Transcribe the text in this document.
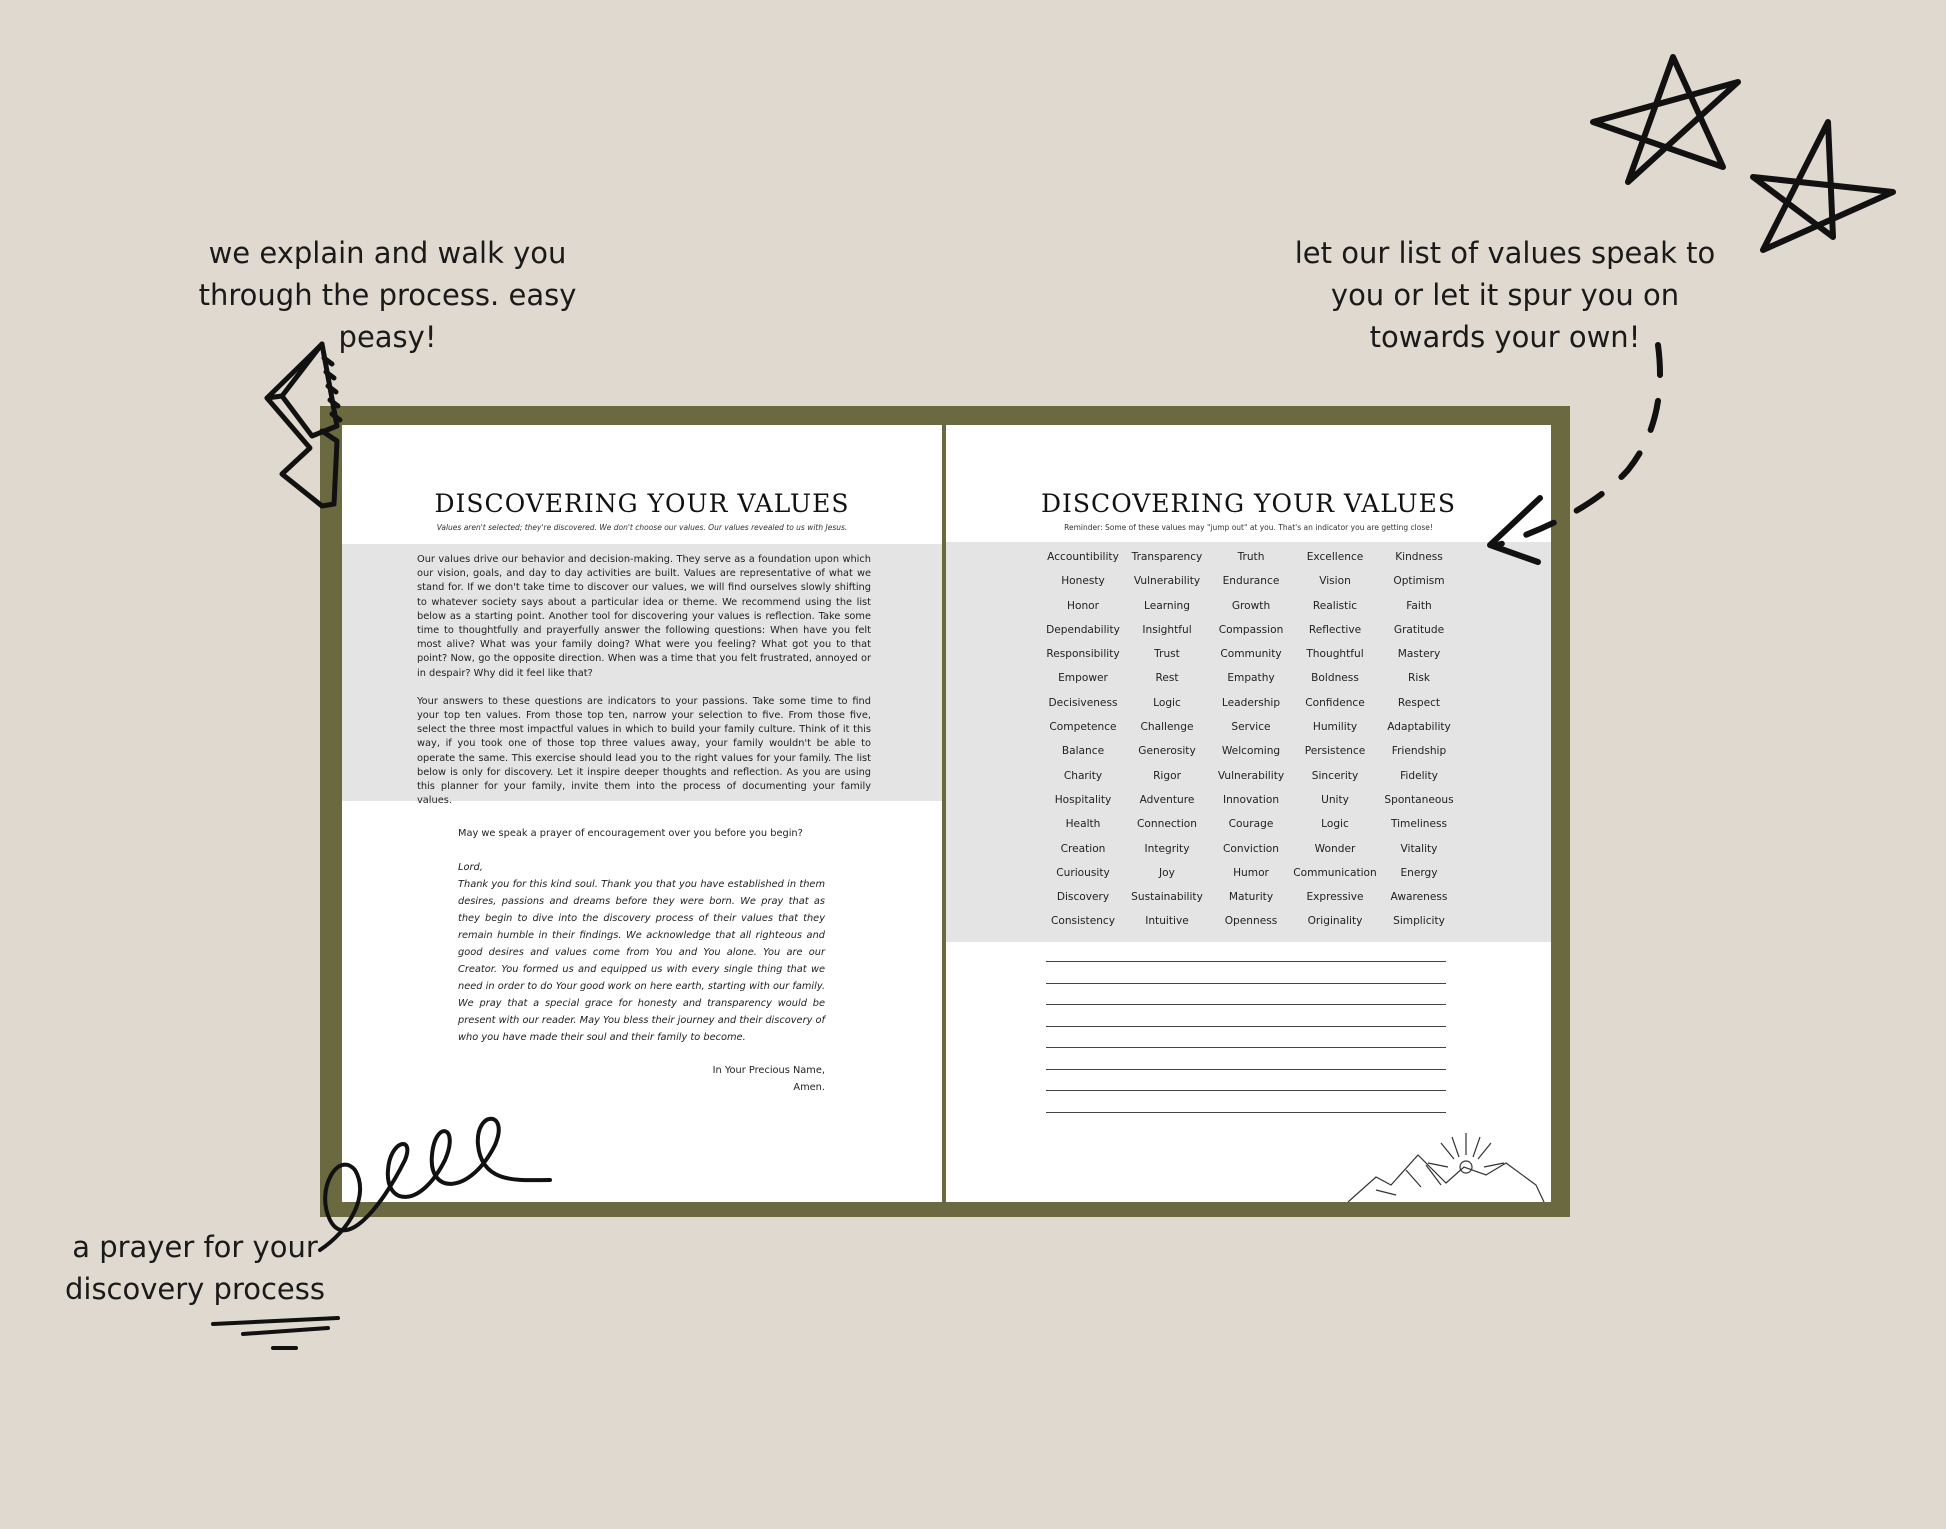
we explain and walk you through the process. easy peasy!
let our list of values speak to you or let it spur you on towards your own!
a prayer for your discovery process
DISCOVERING YOUR VALUES
Values aren't selected; they're discovered. We don't choose our values. Our values revealed to us with Jesus.

Our values drive our behavior and decision-making. They serve as a foundation upon which our vision, goals, and day to day activities are built. Values are representative of what we stand for. If we don't take time to discover our values, we will find ourselves slowly shifting to whatever society says about a particular idea or theme. We recommend using the list below as a starting point. Another tool for discovering your values is reflection. Take some time to thoughtfully and prayerfully answer the following questions: When have you felt most alive? What was your family doing? What were you feeling? What got you to that point? Now, go the opposite direction. When was a time that you felt frustrated, annoyed or in despair? Why did it feel like that?

Your answers to these questions are indicators to your passions. Take some time to find your top ten values. From those top ten, narrow your selection to five. From those five, select the three most impactful values in which to build your family culture. Think of it this way, if you took one of those top three values away, your family wouldn't be able to operate the same. This exercise should lead you to the right values for your family. The list below is only for discovery. Let it inspire deeper thoughts and reflection. As you are using this planner for your family, invite them into the process of documenting your family values.

May we speak a prayer of encouragement over you before you begin?

Lord,

Thank you for this kind soul. Thank you that you have established in them desires, passions and dreams before they were born. We pray that as they begin to dive into the discovery process of their values that they remain humble in their findings. We acknowledge that all righteous and good desires and values come from You and You alone. You are our Creator. You formed us and equipped us with every single thing that we need in order to do Your good work on here earth, starting with our family. We pray that a special grace for honesty and transparency would be present with our reader. May You bless their journey and their discovery of who you have made their soul and their family to become.

In Your Precious Name,
Amen.
DISCOVERING YOUR VALUES
Reminder: Some of these values may "jump out" at you. That's an indicator you are getting close!
Accountibility	Transparency	Truth	Excellence	Kindness
Honesty	Vulnerability	Endurance	Vision	Optimism
Honor	Learning	Growth	Realistic	Faith
Dependability	Insightful	Compassion	Reflective	Gratitude
Responsibility	Trust	Community	Thoughtful	Mastery
Empower	Rest	Empathy	Boldness	Risk
Decisiveness	Logic	Leadership	Confidence	Respect
Competence	Challenge	Service	Humility	Adaptability
Balance	Generosity	Welcoming	Persistence	Friendship
Charity	Rigor	Vulnerability	Sincerity	Fidelity
Hospitality	Adventure	Innovation	Unity	Spontaneous
Health	Connection	Courage	Logic	Timeliness
Creation	Integrity	Conviction	Wonder	Vitality
Curiousity	Joy	Humor	Communication	Energy
Discovery	Sustainability	Maturity	Expressive	Awareness
Consistency	Intuitive	Openness	Originality	Simplicity
